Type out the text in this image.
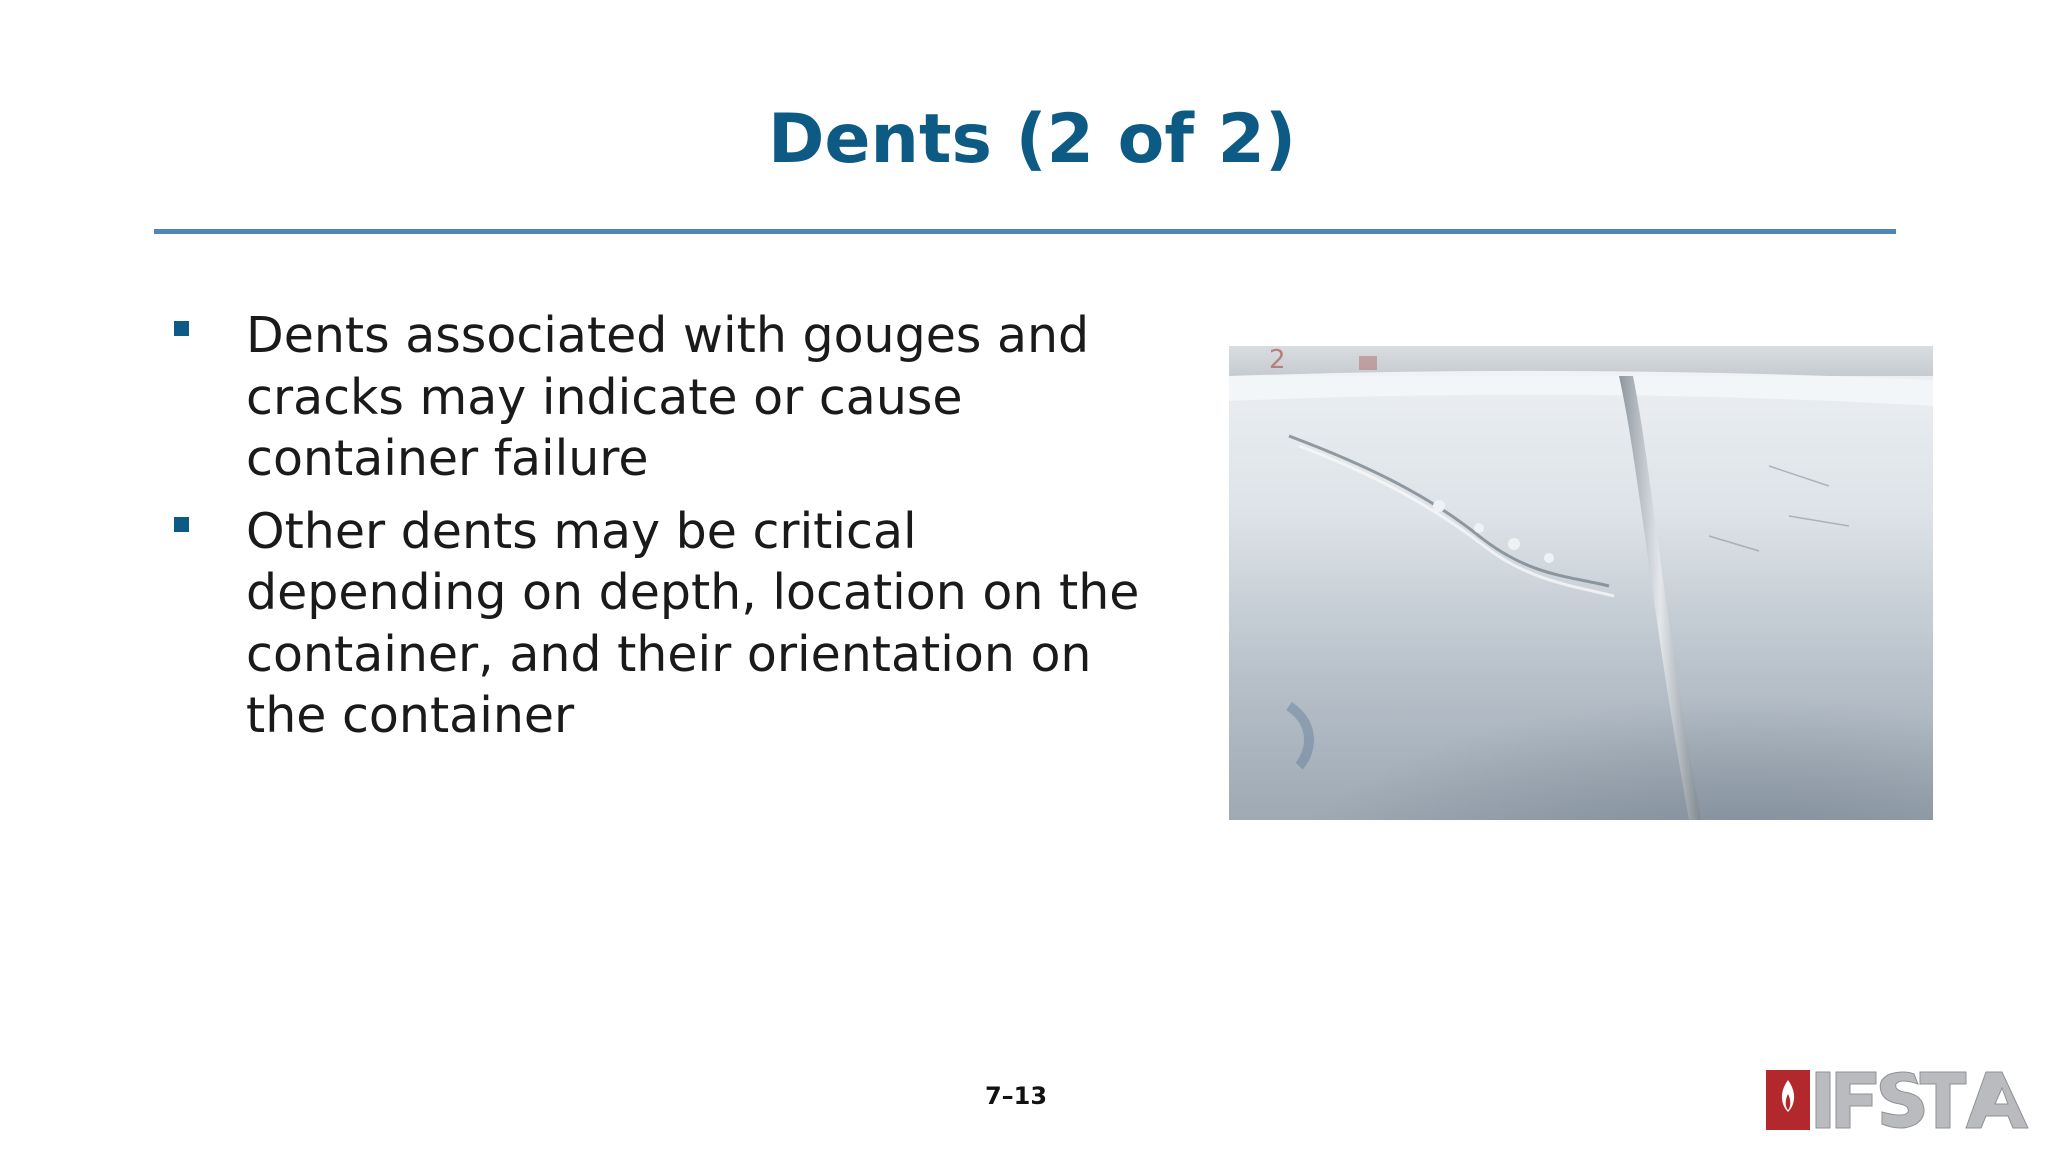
Dents (2 of 2)
Dents associated with gouges and cracks may indicate or cause container failure
Other dents may be critical depending on depth, location on the container, and their orientation on the container
2
7–13
